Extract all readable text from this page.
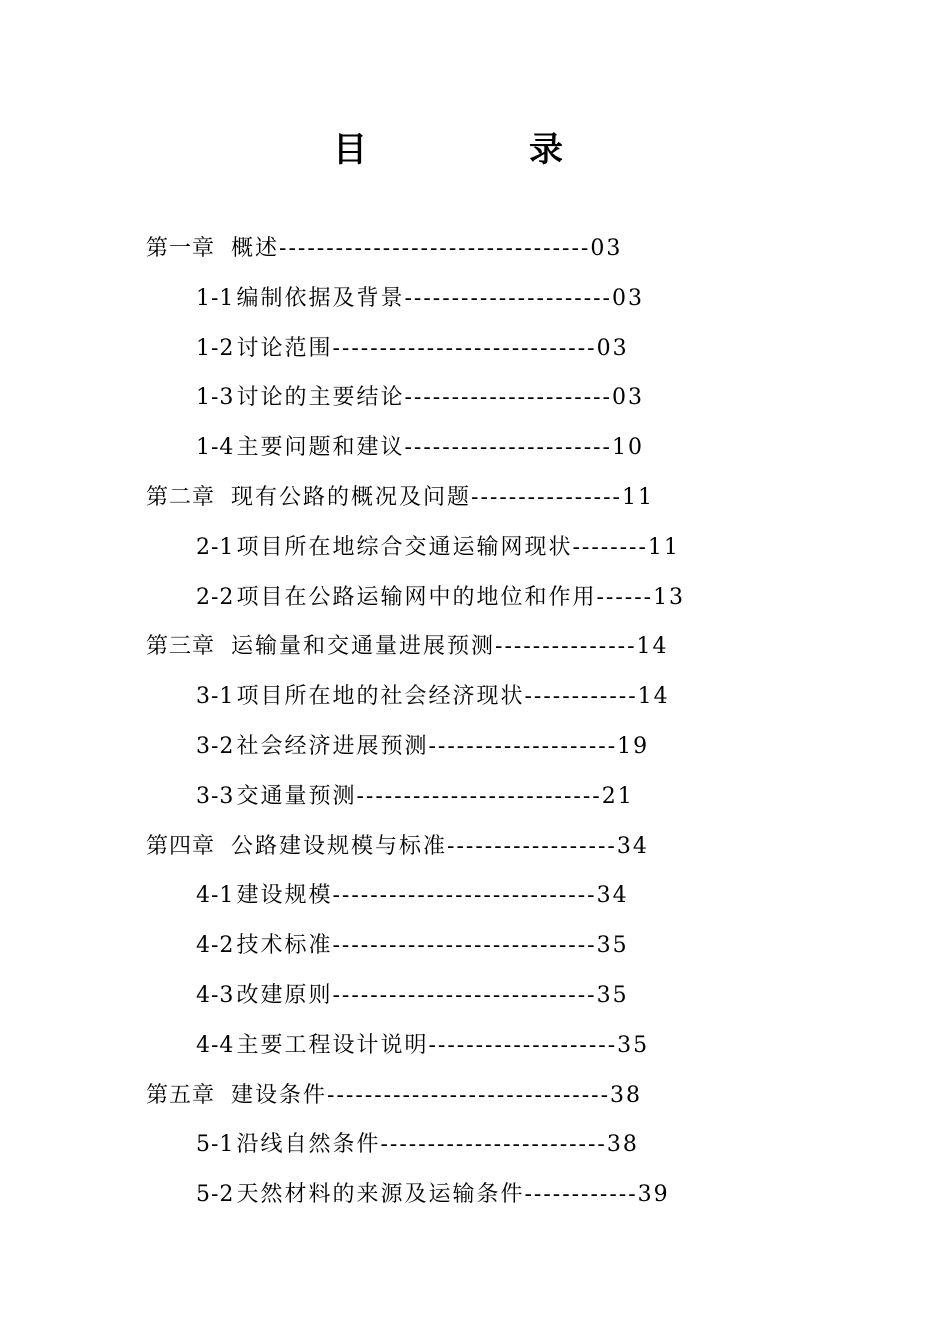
目　录
第一章 概述---------------------------------03
1-1编制依据及背景----------------------03
1-2讨论范围----------------------------03
1-3讨论的主要结论----------------------03
1-4主要问题和建议----------------------10
第二章 现有公路的概况及问题----------------11
2-1项目所在地综合交通运输网现状--------11
2-2项目在公路运输网中的地位和作用------13
第三章 运输量和交通量进展预测---------------14
3-1项目所在地的社会经济现状------------14
3-2社会经济进展预测--------------------19
3-3交通量预测--------------------------21
第四章 公路建设规模与标准------------------34
4-1建设规模----------------------------34
4-2技术标准----------------------------35
4-3改建原则----------------------------35
4-4主要工程设计说明--------------------35
第五章 建设条件------------------------------38
5-1沿线自然条件------------------------38
5-2天然材料的来源及运输条件------------39
